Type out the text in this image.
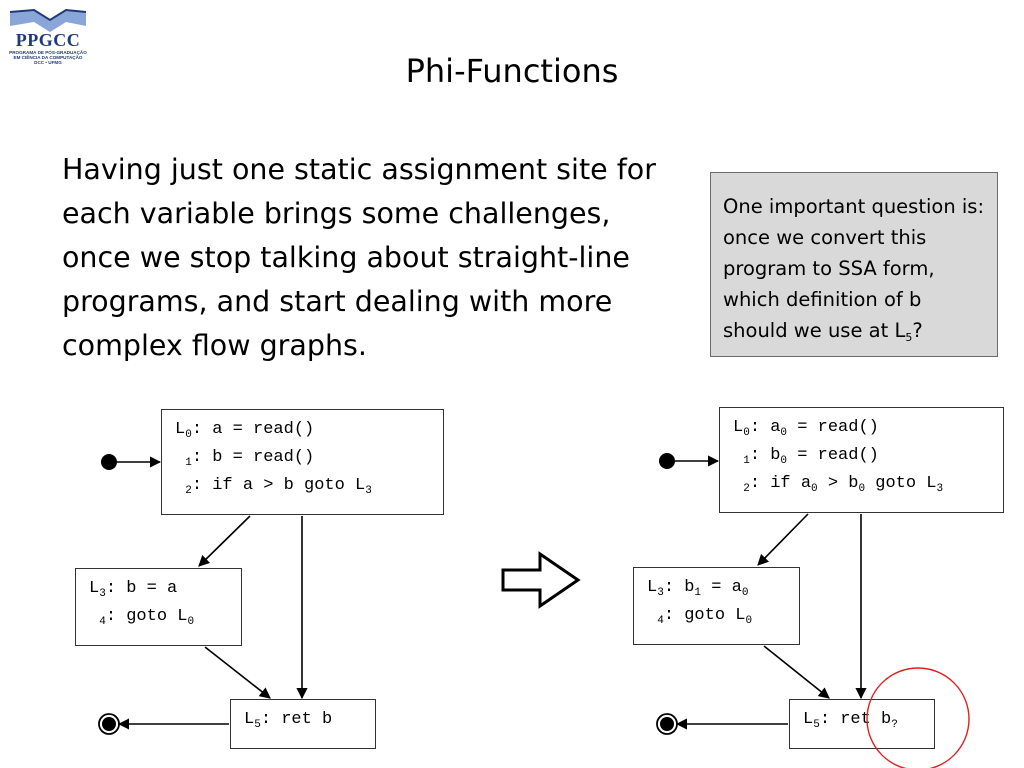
PPGCC
PROGRAMA DE PÓS-GRADUAÇÃO
EM CIÊNCIA DA COMPUTAÇÃO
DCC • UFMG	Phi-Functions
Having just one static assignment site for each variable brings some challenges, once we stop talking about straight-line programs, and start dealing with more complex flow graphs.
One important question is: once we convert this program to SSA form, which definition of b should we use at $L_5$?
$L_0$: a = read()
$_1$: b = read()
$_2$: if a > b goto $L_3$
$L_3$: b = a
$_4$: goto $L_0$
$L_5$: ret b
$L_0$: $a_0$ = read()
$_1$: $b_0$ = read()
$_2$: if $a_0 > b_0$ goto $L_3$
$L_3$: $b_1 = a_0$
$_4$: goto $L_0$
$L_5$: ret $b_?$
